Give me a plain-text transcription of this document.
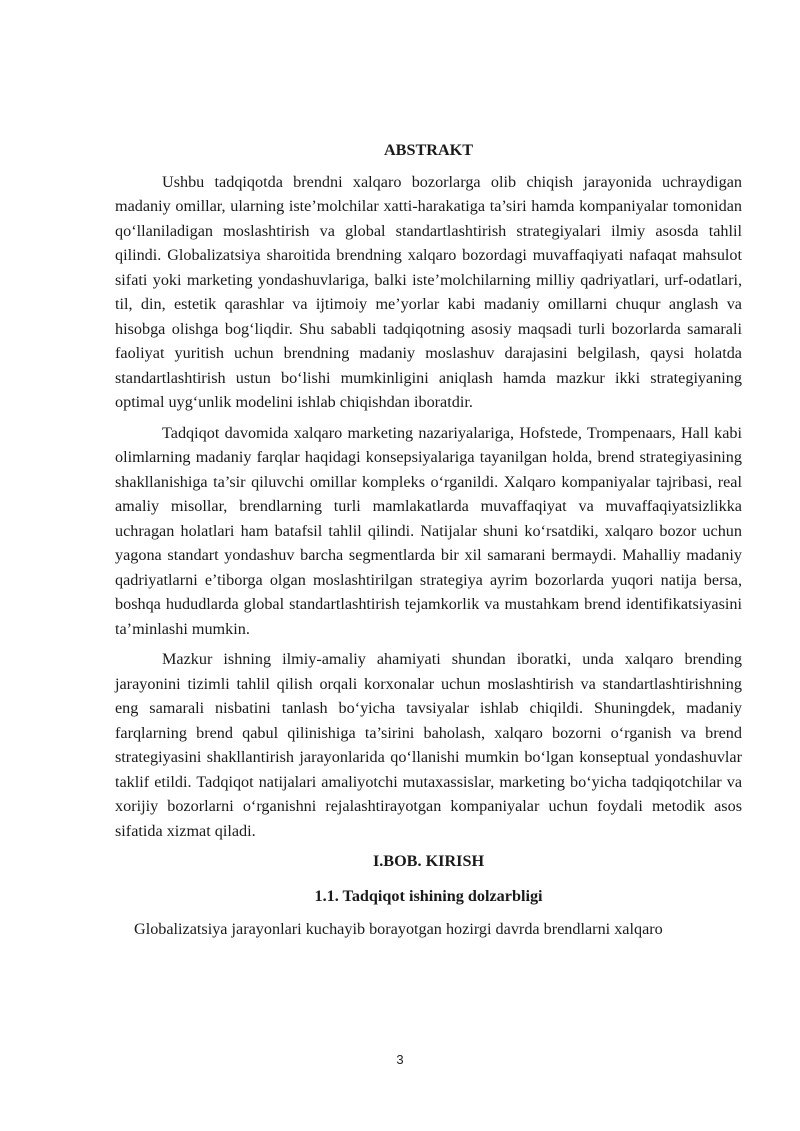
ABSTRAKT

Ushbu tadqiqotda brendni xalqaro bozorlarga olib chiqish jarayonida uchraydigan madaniy omillar, ularning iste’molchilar xatti-harakatiga ta’siri hamda kompaniyalar tomonidan qo‘llaniladigan moslashtirish va global standartlashtirish strategiyalari ilmiy asosda tahlil qilindi. Globalizatsiya sharoitida brendning xalqaro bozordagi muvaffaqiyati nafaqat mahsulot sifati yoki marketing yondashuvlariga, balki iste’molchilarning milliy qadriyatlari, urf-odatlari, til, din, estetik qarashlar va ijtimoiy me’yorlar kabi madaniy omillarni chuqur anglash va hisobga olishga bog‘liqdir. Shu sababli tadqiqotning asosiy maqsadi turli bozorlarda samarali faoliyat yuritish uchun brendning madaniy moslashuv darajasini belgilash, qaysi holatda standartlashtirish ustun bo‘lishi mumkinligini aniqlash hamda mazkur ikki strategiyaning optimal uyg‘unlik modelini ishlab chiqishdan iboratdir.

Tadqiqot davomida xalqaro marketing nazariyalariga, Hofstede, Trompenaars, Hall kabi olimlarning madaniy farqlar haqidagi konsepsiyalariga tayanilgan holda, brend strategiyasining shakllanishiga ta’sir qiluvchi omillar kompleks o‘rganildi. Xalqaro kompaniyalar tajribasi, real amaliy misollar, brendlarning turli mamlakatlarda muvaffaqiyat va muvaffaqiyatsizlikka uchragan holatlari ham batafsil tahlil qilindi. Natijalar shuni ko‘rsatdiki, xalqaro bozor uchun yagona standart yondashuv barcha segmentlarda bir xil samarani bermaydi. Mahalliy madaniy qadriyatlarni e’tiborga olgan moslashtirilgan strategiya ayrim bozorlarda yuqori natija bersa, boshqa hududlarda global standartlashtirish tejamkorlik va mustahkam brend identifikatsiyasini ta’minlashi mumkin.

Mazkur ishning ilmiy-amaliy ahamiyati shundan iboratki, unda xalqaro brending jarayonini tizimli tahlil qilish orqali korxonalar uchun moslashtirish va standartlashtirishning eng samarali nisbatini tanlash bo‘yicha tavsiyalar ishlab chiqildi. Shuningdek, madaniy farqlarning brend qabul qilinishiga ta’sirini baholash, xalqaro bozorni o‘rganish va brend strategiyasini shakllantirish jarayonlarida qo‘llanishi mumkin bo‘lgan konseptual yondashuvlar taklif etildi. Tadqiqot natijalari amaliyotchi mutaxassislar, marketing bo‘yicha tadqiqotchilar va xorijiy bozorlarni o‘rganishni rejalashtirayotgan kompaniyalar uchun foydali metodik asos sifatida xizmat qiladi.

I.BOB. KIRISH

1.1. Tadqiqot ishining dolzarbligi

Globalizatsiya jarayonlari kuchayib borayotgan hozirgi davrda brendlarni xalqaro

3
